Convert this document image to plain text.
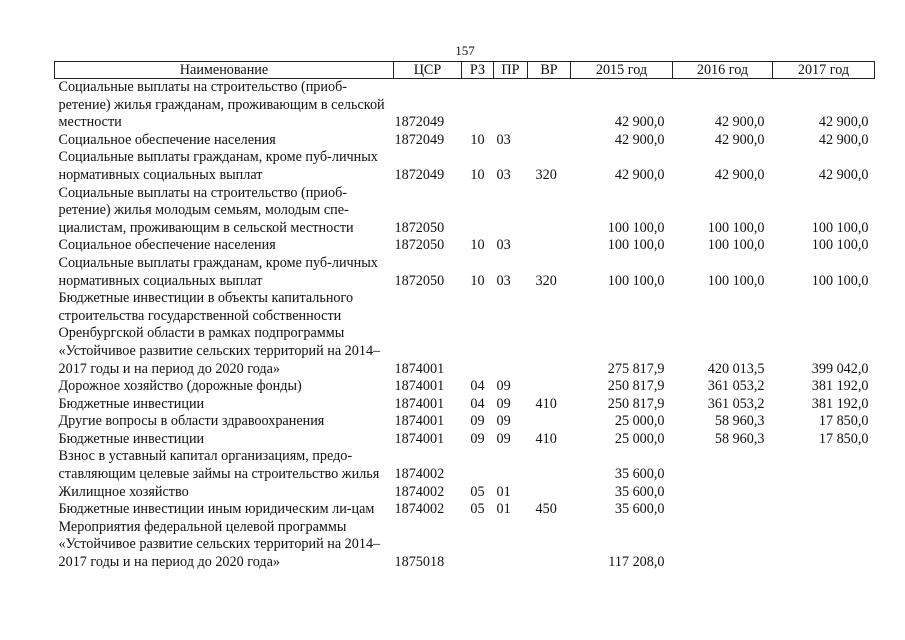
157
Наименование	ЦСР	РЗ	ПР	ВР	2015 год	2016 год	2017 год
Социальные выплаты на строительство (приоб-ретение) жилья гражданам, проживающим в сельской местности	1872049				42 900,0	42 900,0	42 900,0
Социальное обеспечение населения	1872049	10	03		42 900,0	42 900,0	42 900,0
Социальные выплаты гражданам, кроме пуб-личных нормативных социальных выплат	1872049	10	03	320	42 900,0	42 900,0	42 900,0
Социальные выплаты на строительство (приоб-ретение) жилья молодым семьям, молодым спе-циалистам, проживающим в сельской местности	1872050				100 100,0	100 100,0	100 100,0
Социальное обеспечение населения	1872050	10	03		100 100,0	100 100,0	100 100,0
Социальные выплаты гражданам, кроме пуб-личных нормативных социальных выплат	1872050	10	03	320	100 100,0	100 100,0	100 100,0
Бюджетные инвестиции в объекты капитального строительства государственной собственности Оренбургской области в рамках подпрограммы «Устойчивое развитие сельских территорий на 2014–2017 годы и на период до 2020 года»	1874001				275 817,9	420 013,5	399 042,0
Дорожное хозяйство (дорожные фонды)	1874001	04	09		250 817,9	361 053,2	381 192,0
Бюджетные инвестиции	1874001	04	09	410	250 817,9	361 053,2	381 192,0
Другие вопросы в области здравоохранения	1874001	09	09		25 000,0	58 960,3	17 850,0
Бюджетные инвестиции	1874001	09	09	410	25 000,0	58 960,3	17 850,0
Взнос в уставный капитал организациям, предо-ставляющим целевые займы на строительство жилья	1874002				35 600,0		
Жилищное хозяйство	1874002	05	01		35 600,0		
Бюджетные инвестиции иным юридическим ли-цам	1874002	05	01	450	35 600,0		
Мероприятия федеральной целевой программы «Устойчивое развитие сельских территорий на 2014–2017 годы и на период до 2020 года»	1875018				117 208,0		
